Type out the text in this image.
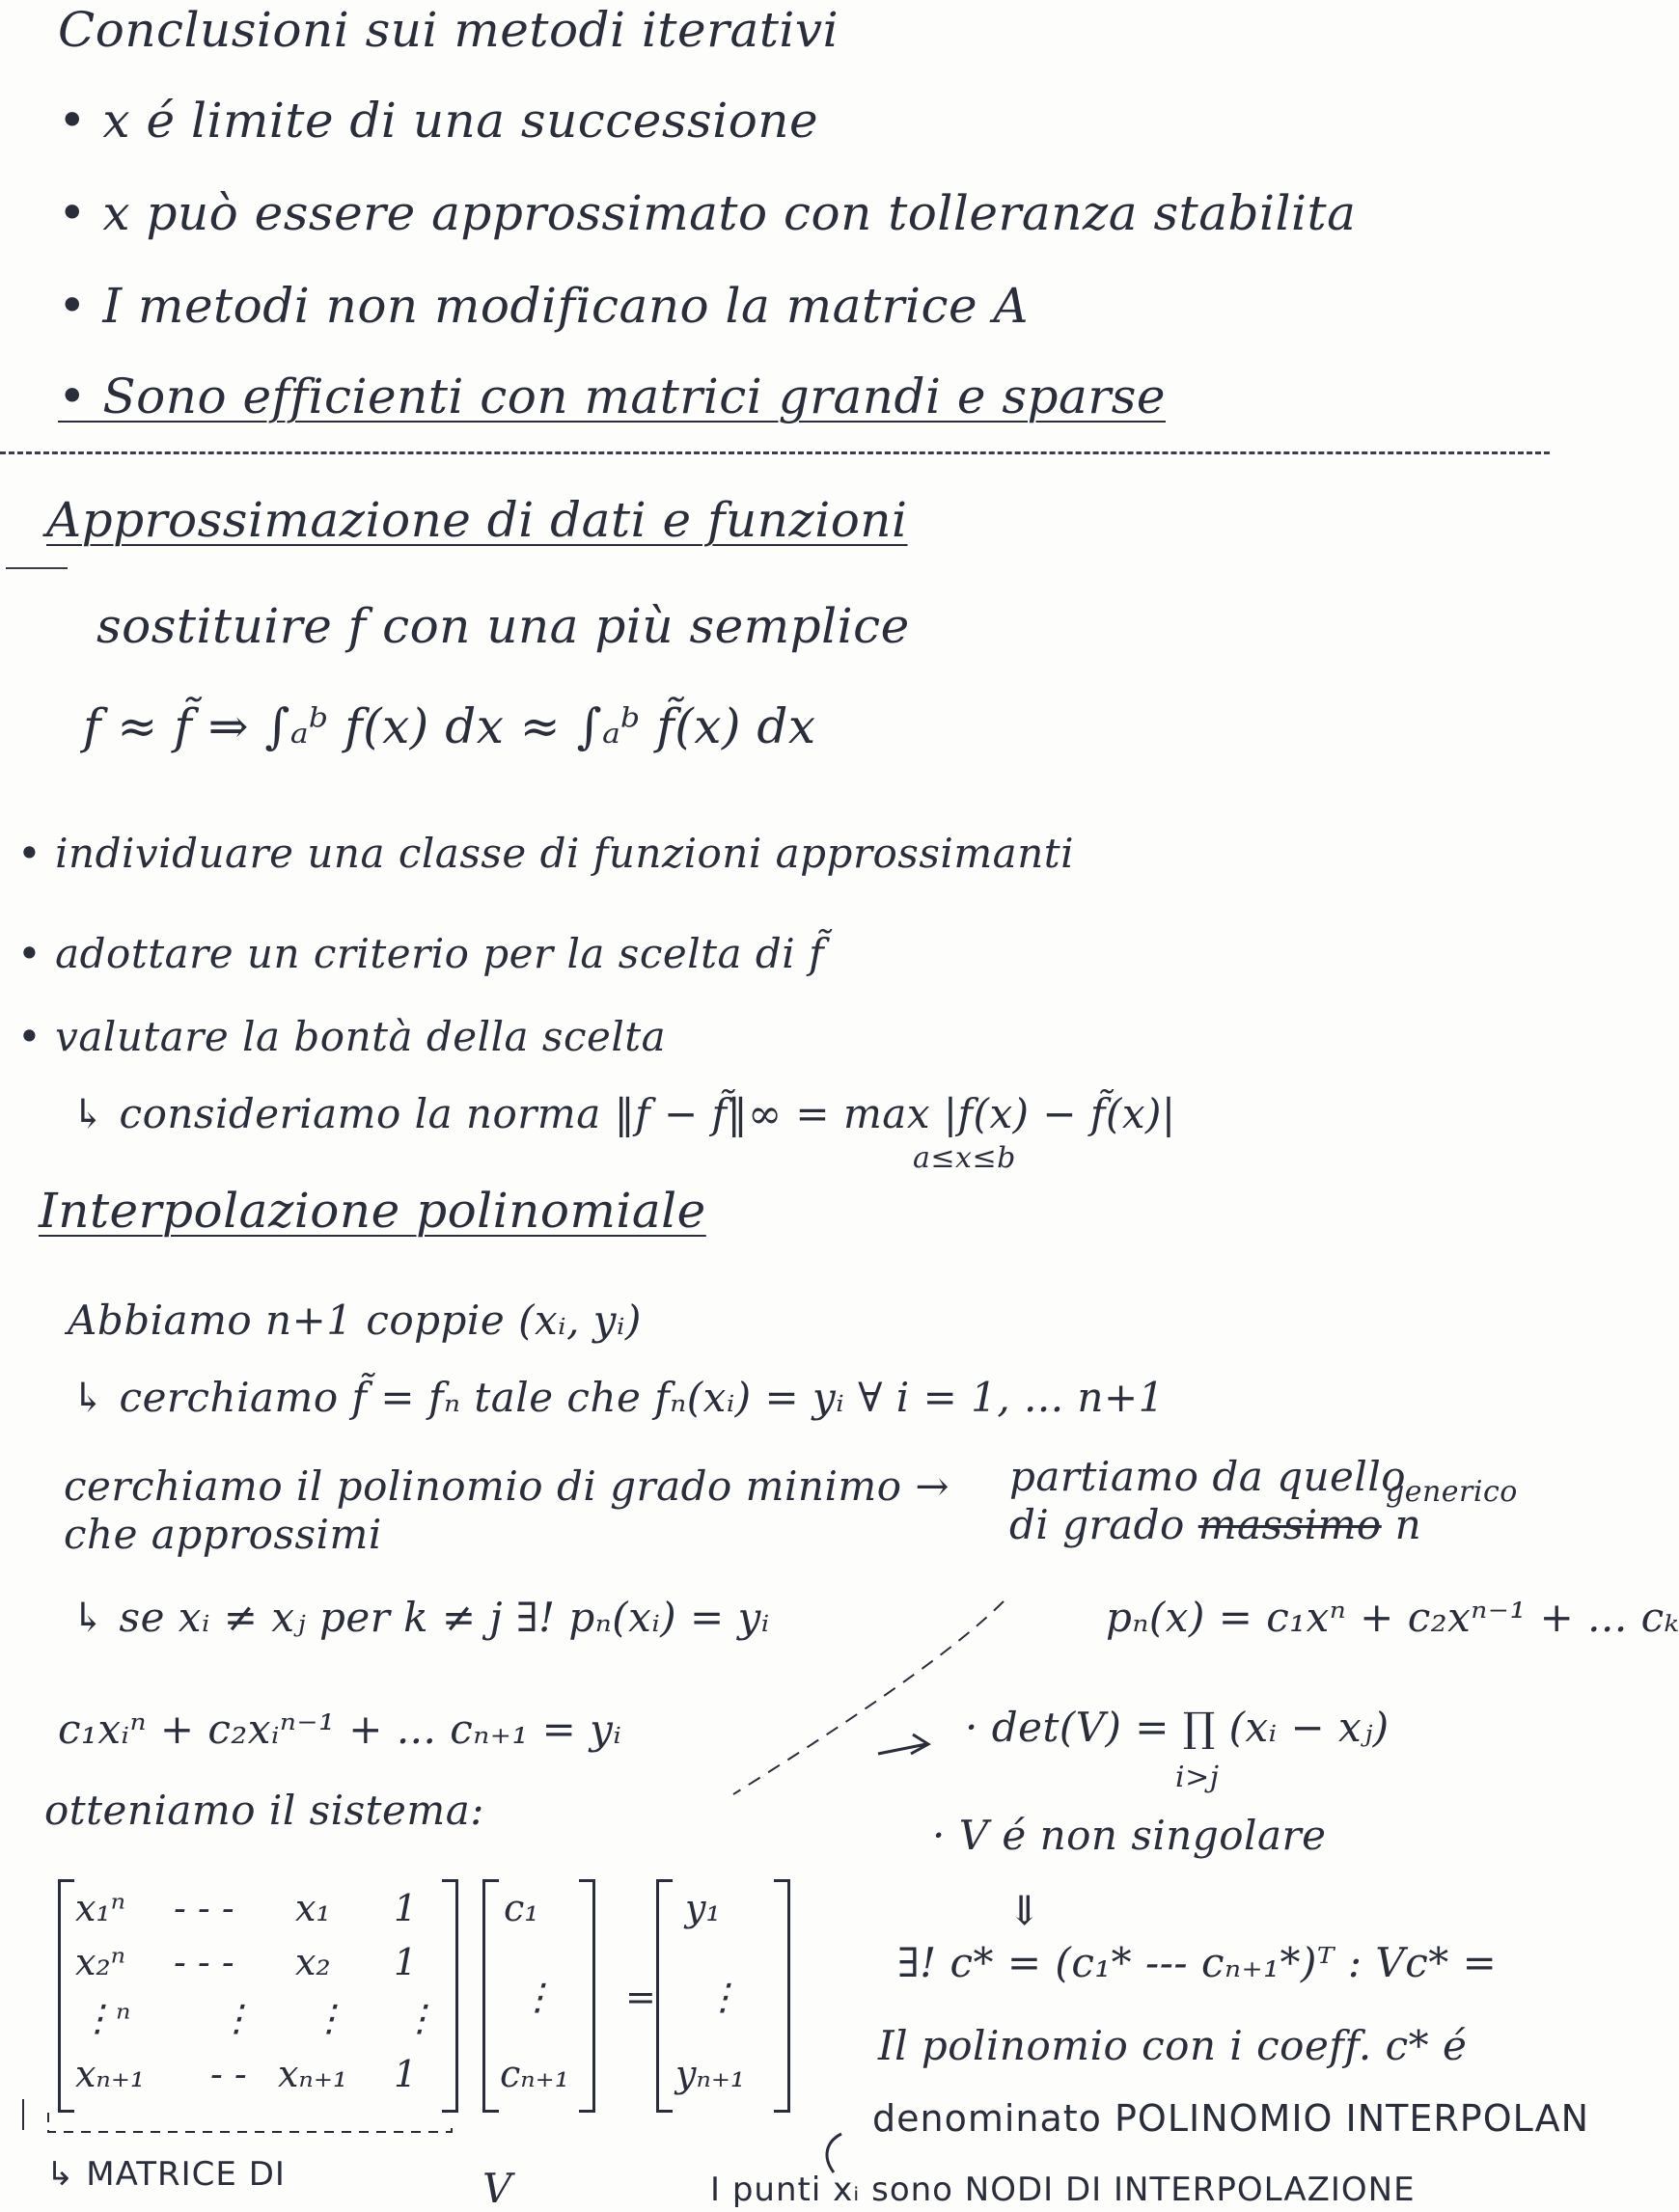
Conclusioni sui metodi iterativi
• x é limite di una successione
• x può essere approssimato con tolleranza stabilita
• I metodi non modificano la matrice A
• Sono efficienti con matrici grandi e sparse
Approssimazione di dati e funzioni
sostituire f con una più semplice
f ≈ f̃ ⇒ ∫ₐᵇ f(x) dx ≈ ∫ₐᵇ f̃(x) dx
• individuare una classe di funzioni approssimanti
• adottare un criterio per la scelta di f̃
• valutare la bontà della scelta
↳ consideriamo la norma ‖f − f̃‖∞ = max |f(x) − f̃(x)|
a≤x≤b
Interpolazione polinomiale
Abbiamo n+1 coppie (xᵢ, yᵢ)
↳ cerchiamo f̃ = fₙ tale che fₙ(xᵢ) = yᵢ ∀ i = 1, ... n+1
cerchiamo il polinomio di grado minimo →
che approssimi
partiamo da quello
di grado massimo n
generico
↳ se xᵢ ≠ xⱼ per k ≠ j ∃! pₙ(xᵢ) = yᵢ	pₙ(x) = c₁xⁿ + c₂xⁿ⁻¹ + ... cₖ
c₁xᵢⁿ + c₂xᵢⁿ⁻¹ + ... cₙ₊₁ = yᵢ	· det(V) = ∏ (xᵢ − xⱼ)
i>j
otteniamo il sistema:
· V é non singolare
⇓
∃! c* = (c₁* --- cₙ₊₁*)ᵀ : Vc* =
x₁ⁿ - - - x₁ 1
x₂ⁿ - - - x₂ 1
⋮ⁿ ⋮ ⋮ ⋮
xₙ₊₁ - - xₙ₊₁ 1
c₁
⋮
cₙ₊₁
=
y₁
⋮
yₙ₊₁
Il polinomio con i coeff. c* é
denominato POLINOMIO INTERPOLAN
↳ MATRICE DI	V	I punti xᵢ sono NODI DI INTERPOLAZIONE
